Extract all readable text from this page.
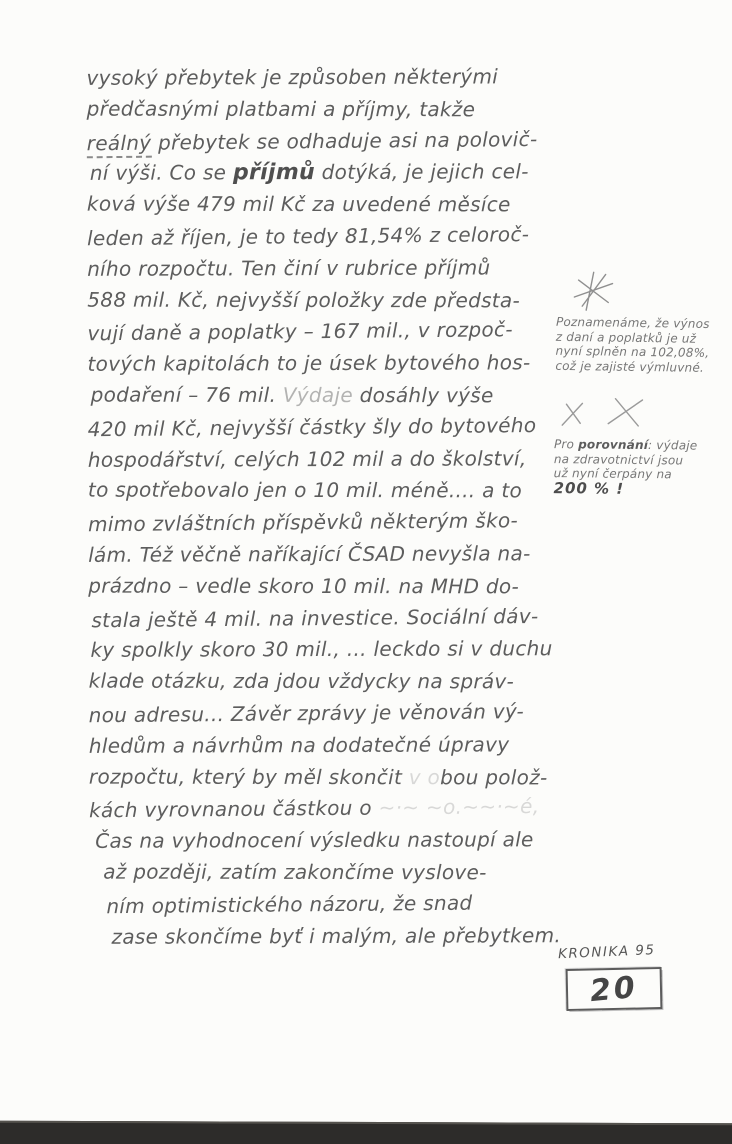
vysoký přebytek je způsoben některými
předčasnými platbami a příjmy, takže
reálný přebytek se odhaduje asi na polovič-
ní výši. Co se příjmů dotýká, je jejich cel-
ková výše 479 mil Kč za uvedené měsíce
leden až říjen, je to tedy 81,54% z celoroč-
ního rozpočtu. Ten činí v rubrice příjmů
588 mil. Kč, nejvyšší položky zde předsta-
vují daně a poplatky – 167 mil., v rozpoč-
tových kapitolách to je úsek bytového hos-
podaření – 76 mil. Výdaje dosáhly výše
420 mil Kč, nejvyšší částky šly do bytového
hospodářství, celých 102 mil a do školství,
to spotřebovalo jen o 10 mil. méně.... a to
mimo zvláštních příspěvků některým ško-
lám. Též věčně naříkající ČSAD nevyšla na-
prázdno – vedle skoro 10 mil. na MHD do-
stala ještě 4 mil. na investice. Sociální dáv-
ky spolkly skoro 30 mil., ... leckdo si v duchu
klade otázku, zda jdou vždycky na správ-
nou adresu... Závěr zprávy je věnován vý-
hledům a návrhům na dodatečné úpravy
rozpočtu, který by měl skončit v obou polož-
kách vyrovnanou částkou o ~·~ ~o.~~·~é,
Čas na vyhodnocení výsledku nastoupí ale
až později, zatím zakončíme vyslove-
ním optimistického názoru, že snad
zase skončíme byť i malým, ale přebytkem.
Poznamenáme, že výnos
z daní a poplatků je už
nyní splněn na 102,08%,
což je zajisté výmluvné.
Pro porovnání: výdaje
na zdravotnictví jsou
už nyní čerpány na
200 % !
KRONIKA 95
20
